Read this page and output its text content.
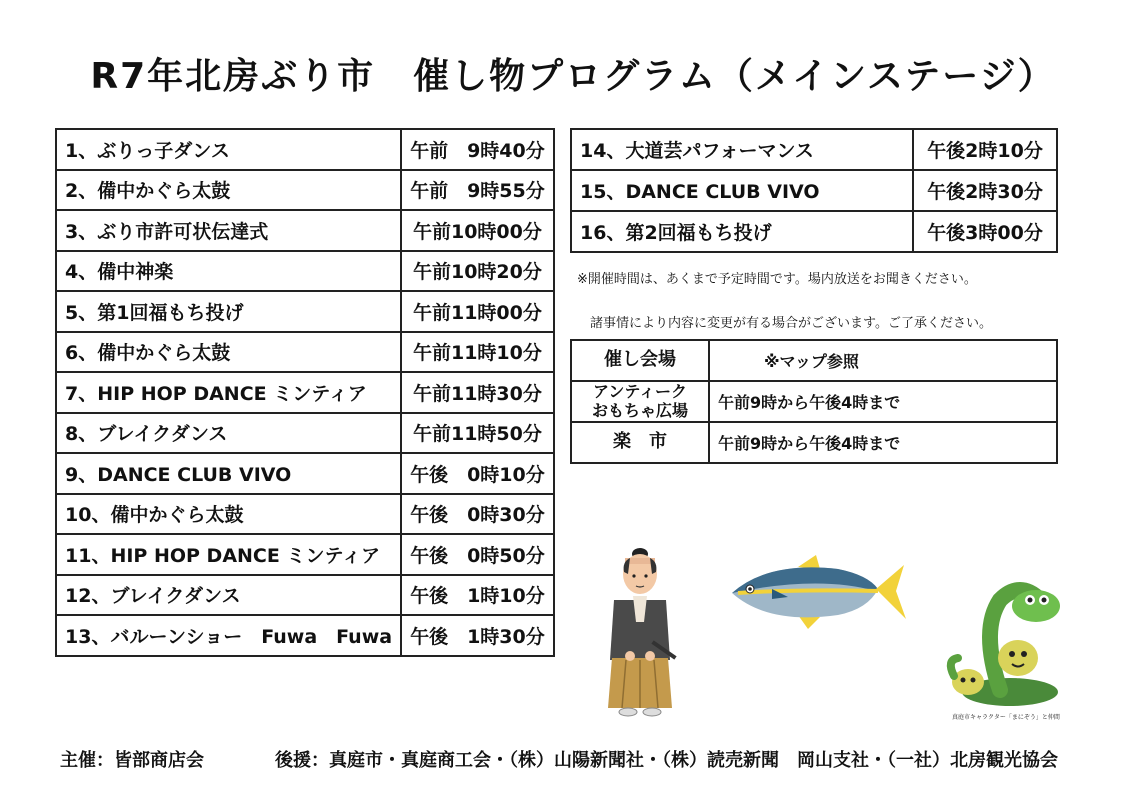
R7年北房ぶり市　催し物プログラム（メインステージ）
1、ぶりっ子ダンス	午前　9時40分
2、備中かぐら太鼓	午前　9時55分
3、ぶり市許可状伝達式	午前10時00分
4、備中神楽	午前10時20分
5、第1回福もち投げ	午前11時00分
6、備中かぐら太鼓	午前11時10分
7、HIP HOP DANCE ミンティア	午前11時30分
8、ブレイクダンス	午前11時50分
9、DANCE CLUB VIVO	午後　0時10分
10、備中かぐら太鼓	午後　0時30分
11、HIP HOP DANCE ミンティア	午後　0時50分
12、ブレイクダンス	午後　1時10分
13、バルーンショー　Fuwa　Fuwa	午後　1時30分
14、大道芸パフォーマンス	午後2時10分
15、DANCE CLUB VIVO	午後2時30分
16、第2回福もち投げ	午後3時00分
※開催時間は、あくまで予定時間です。場内放送をお聞きください。
諸事情により内容に変更が有る場合がございます。ご了承ください。
催し会場	※マップ参照

アンティーク
おもちゃ広場	午前9時から午後4時まで
楽　市	午前9時から午後4時まで
真庭市キャラクター「まにぞう」と仲間
主催：皆部商店会	後援：真庭市・真庭商工会・（株）山陽新聞社・（株）読売新聞　岡山支社・（一社）北房観光協会
